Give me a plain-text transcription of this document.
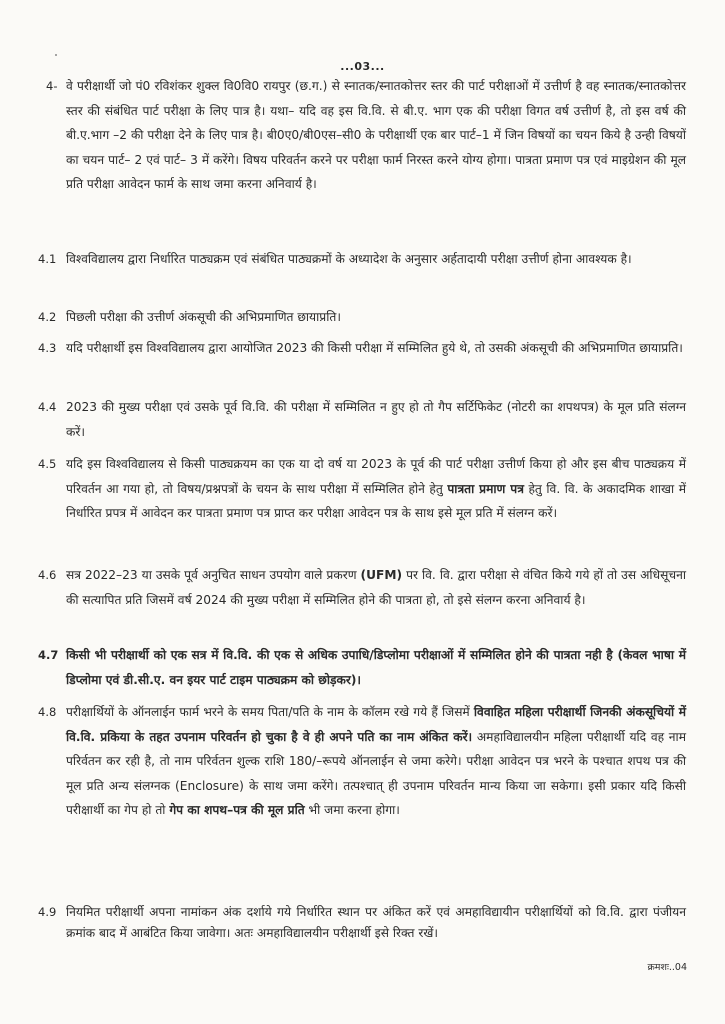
...03...
4- वे परीक्षार्थी जो पं0 रविशंकर शुक्ल वि0वि0 रायपुर (छ.ग.) से स्नातक/स्नातकोत्तर स्तर की पार्ट परीक्षाओं में उत्तीर्ण है वह स्नातक/स्नातकोत्तर स्तर की संबंधित पार्ट परीक्षा के लिए पात्र है। यथा– यदि वह इस वि.वि. से बी.ए. भाग एक की परीक्षा विगत वर्ष उत्तीर्ण है, तो इस वर्ष की बी.ए.भाग –2 की परीक्षा देने के लिए पात्र है। बी0ए0/बी0एस–सी0 के परीक्षार्थी एक बार पार्ट–1 में जिन विषयों का चयन किये है उन्ही विषयों का चयन पार्ट– 2 एवं पार्ट– 3 में करेंगे। विषय परिवर्तन करने पर परीक्षा फार्म निरस्त करने योग्य होगा। पात्रता प्रमाण पत्र एवं माइग्रेशन की मूल प्रति परीक्षा आवेदन फार्म के साथ जमा करना अनिवार्य है।
4.1 विश्वविद्यालय द्वारा निर्धारित पाठ्यक्रम एवं संबंधित पाठ्यक्रमों के अध्यादेश के अनुसार अर्हतादायी परीक्षा उत्तीर्ण होना आवश्यक है।
4.2 पिछली परीक्षा की उत्तीर्ण अंकसूची की अभिप्रमाणित छायाप्रति।
4.3 यदि परीक्षार्थी इस विश्वविद्यालय द्वारा आयोजित 2023 की किसी परीक्षा में सम्मिलित हुये थे, तो उसकी अंकसूची की अभिप्रमाणित छायाप्रति।
4.4 2023 की मुख्य परीक्षा एवं उसके पूर्व वि.वि. की परीक्षा में सम्मिलित न हुए हो तो गैप सर्टिफिकेट (नोटरी का शपथपत्र) के मूल प्रति संलग्न करें।
4.5 यदि इस विश्वविद्यालय से किसी पाठ्यक्रयम का एक या दो वर्ष या 2023 के पूर्व की पार्ट परीक्षा उत्तीर्ण किया हो और इस बीच पाठ्यक्रय में परिवर्तन आ गया हो, तो विषय/प्रश्नपत्रों के चयन के साथ परीक्षा में सम्मिलित होने हेतु पात्रता प्रमाण पत्र हेतु वि. वि. के अकादमिक शाखा में निर्धारित प्रपत्र में आवेदन कर पात्रता प्रमाण पत्र प्राप्त कर परीक्षा आवेदन पत्र के साथ इसे मूल प्रति में संलग्न करें।
4.6 सत्र 2022–23 या उसके पूर्व अनुचित साधन उपयोग वाले प्रकरण (UFM) पर वि. वि. द्वारा परीक्षा से वंचित किये गये हों तो उस अधिसूचना की सत्यापित प्रति जिसमें वर्ष 2024 की मुख्य परीक्षा में सम्मिलित होने की पात्रता हो, तो इसे संलग्न करना अनिवार्य है।
4.7 किसी भी परीक्षार्थी को एक सत्र में वि.वि. की एक से अधिक उपाधि/डिप्लोमा परीक्षाओं में सम्मिलित होने की पात्रता नही है (केवल भाषा में डिप्लोमा एवं डी.सी.ए. वन इयर पार्ट टाइम पाठ्यक्रम को छोड़कर)।
4.8 परीक्षार्थियों के ऑनलाईन फार्म भरने के समय पिता/पति के नाम के कॉलम रखे गये हैं जिसमें विवाहित महिला परीक्षार्थी जिनकी अंकसूचियों में वि.वि. प्रकिया के तहत उपनाम परिवर्तन हो चुका है वे ही अपने पति का नाम अंकित करें। अमहाविद्यालयीन महिला परीक्षार्थी यदि वह नाम परिर्वतन कर रही है, तो नाम परिर्वतन शुल्क राशि 180/–रूपये ऑनलाईन से जमा करेगे। परीक्षा आवेदन पत्र भरने के पश्चात शपथ पत्र की मूल प्रति अन्य संलग्नक (Enclosure) के साथ जमा करेंगे। तत्पश्चात् ही उपनाम परिवर्तन मान्य किया जा सकेगा। इसी प्रकार यदि किसी परीक्षार्थी का गेप हो तो गेप का शपथ–पत्र की मूल प्रति भी जमा करना होगा।
4.9 नियमित परीक्षार्थी अपना नामांकन अंक दर्शाये गये निर्धारित स्थान पर अंकित करें एवं अमहाविद्यायीन परीक्षार्थियों को वि.वि. द्वारा पंजीयन क्रमांक बाद में आबंटित किया जावेगा। अतः अमहाविद्यालयीन परीक्षार्थी इसे रिक्त रखें।
क्रमशः..04
